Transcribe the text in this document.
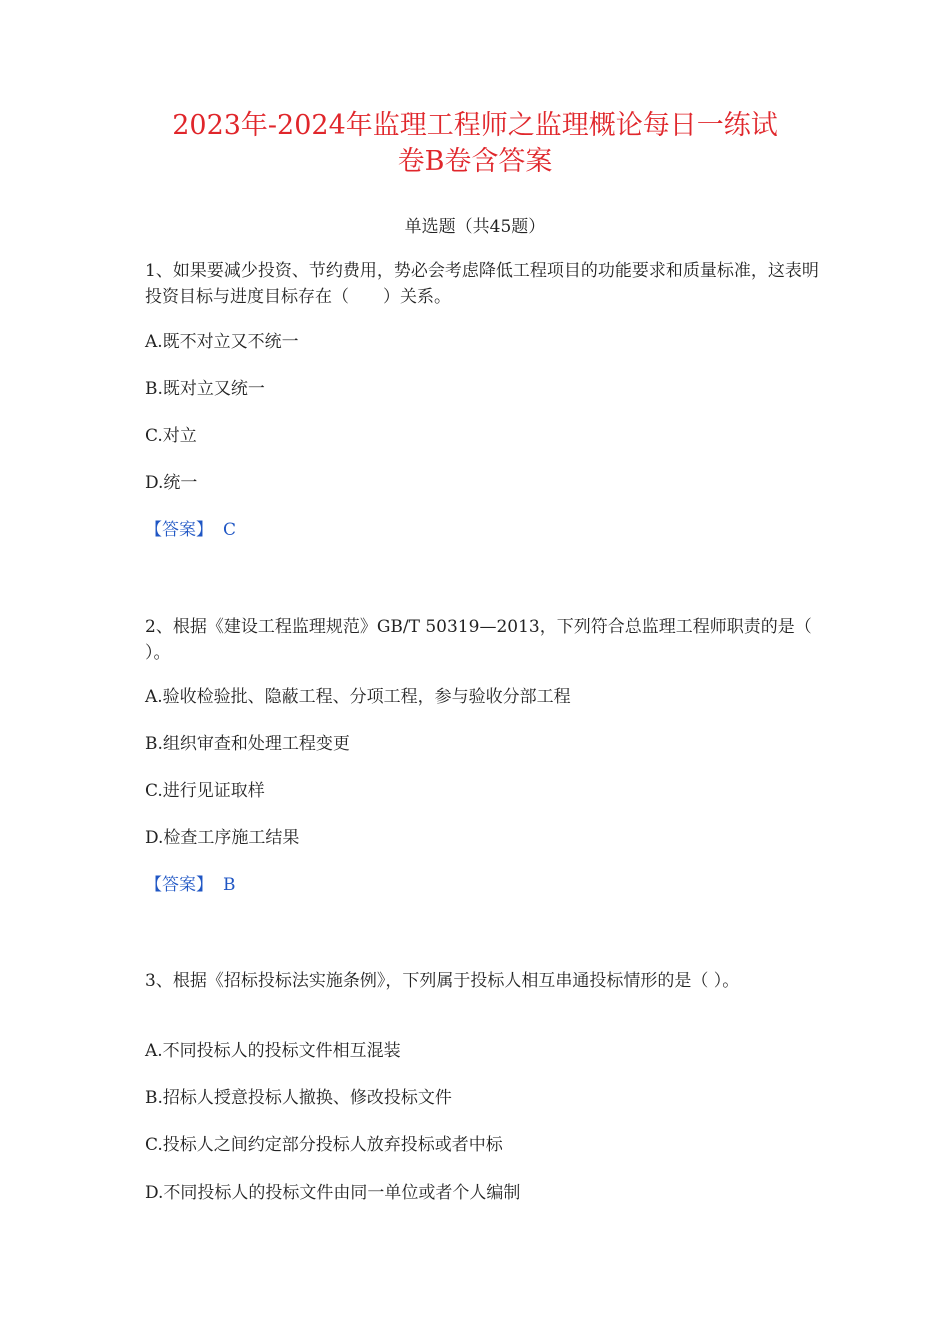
2023年-2024年监理工程师之监理概论每日一练试
卷B卷含答案
单选题（共45题）
1、如果要减少投资、节约费用，势必会考虑降低工程项目的功能要求和质量标准，这表明投资目标与进度目标存在（　　）关系。
A.既不对立又不统一
B.既对立又统一
C.对立
D.统一
【答案】 C
2、根据《建设工程监理规范》GB/T 50319—2013，下列符合总监理工程师职责的是（ ）。
A.验收检验批、隐蔽工程、分项工程，参与验收分部工程
B.组织审查和处理工程变更
C.进行见证取样
D.检查工序施工结果
【答案】 B
3、根据《招标投标法实施条例》，下列属于投标人相互串通投标情形的是（ ）。
A.不同投标人的投标文件相互混装
B.招标人授意投标人撤换、修改投标文件
C.投标人之间约定部分投标人放弃投标或者中标
D.不同投标人的投标文件由同一单位或者个人编制
